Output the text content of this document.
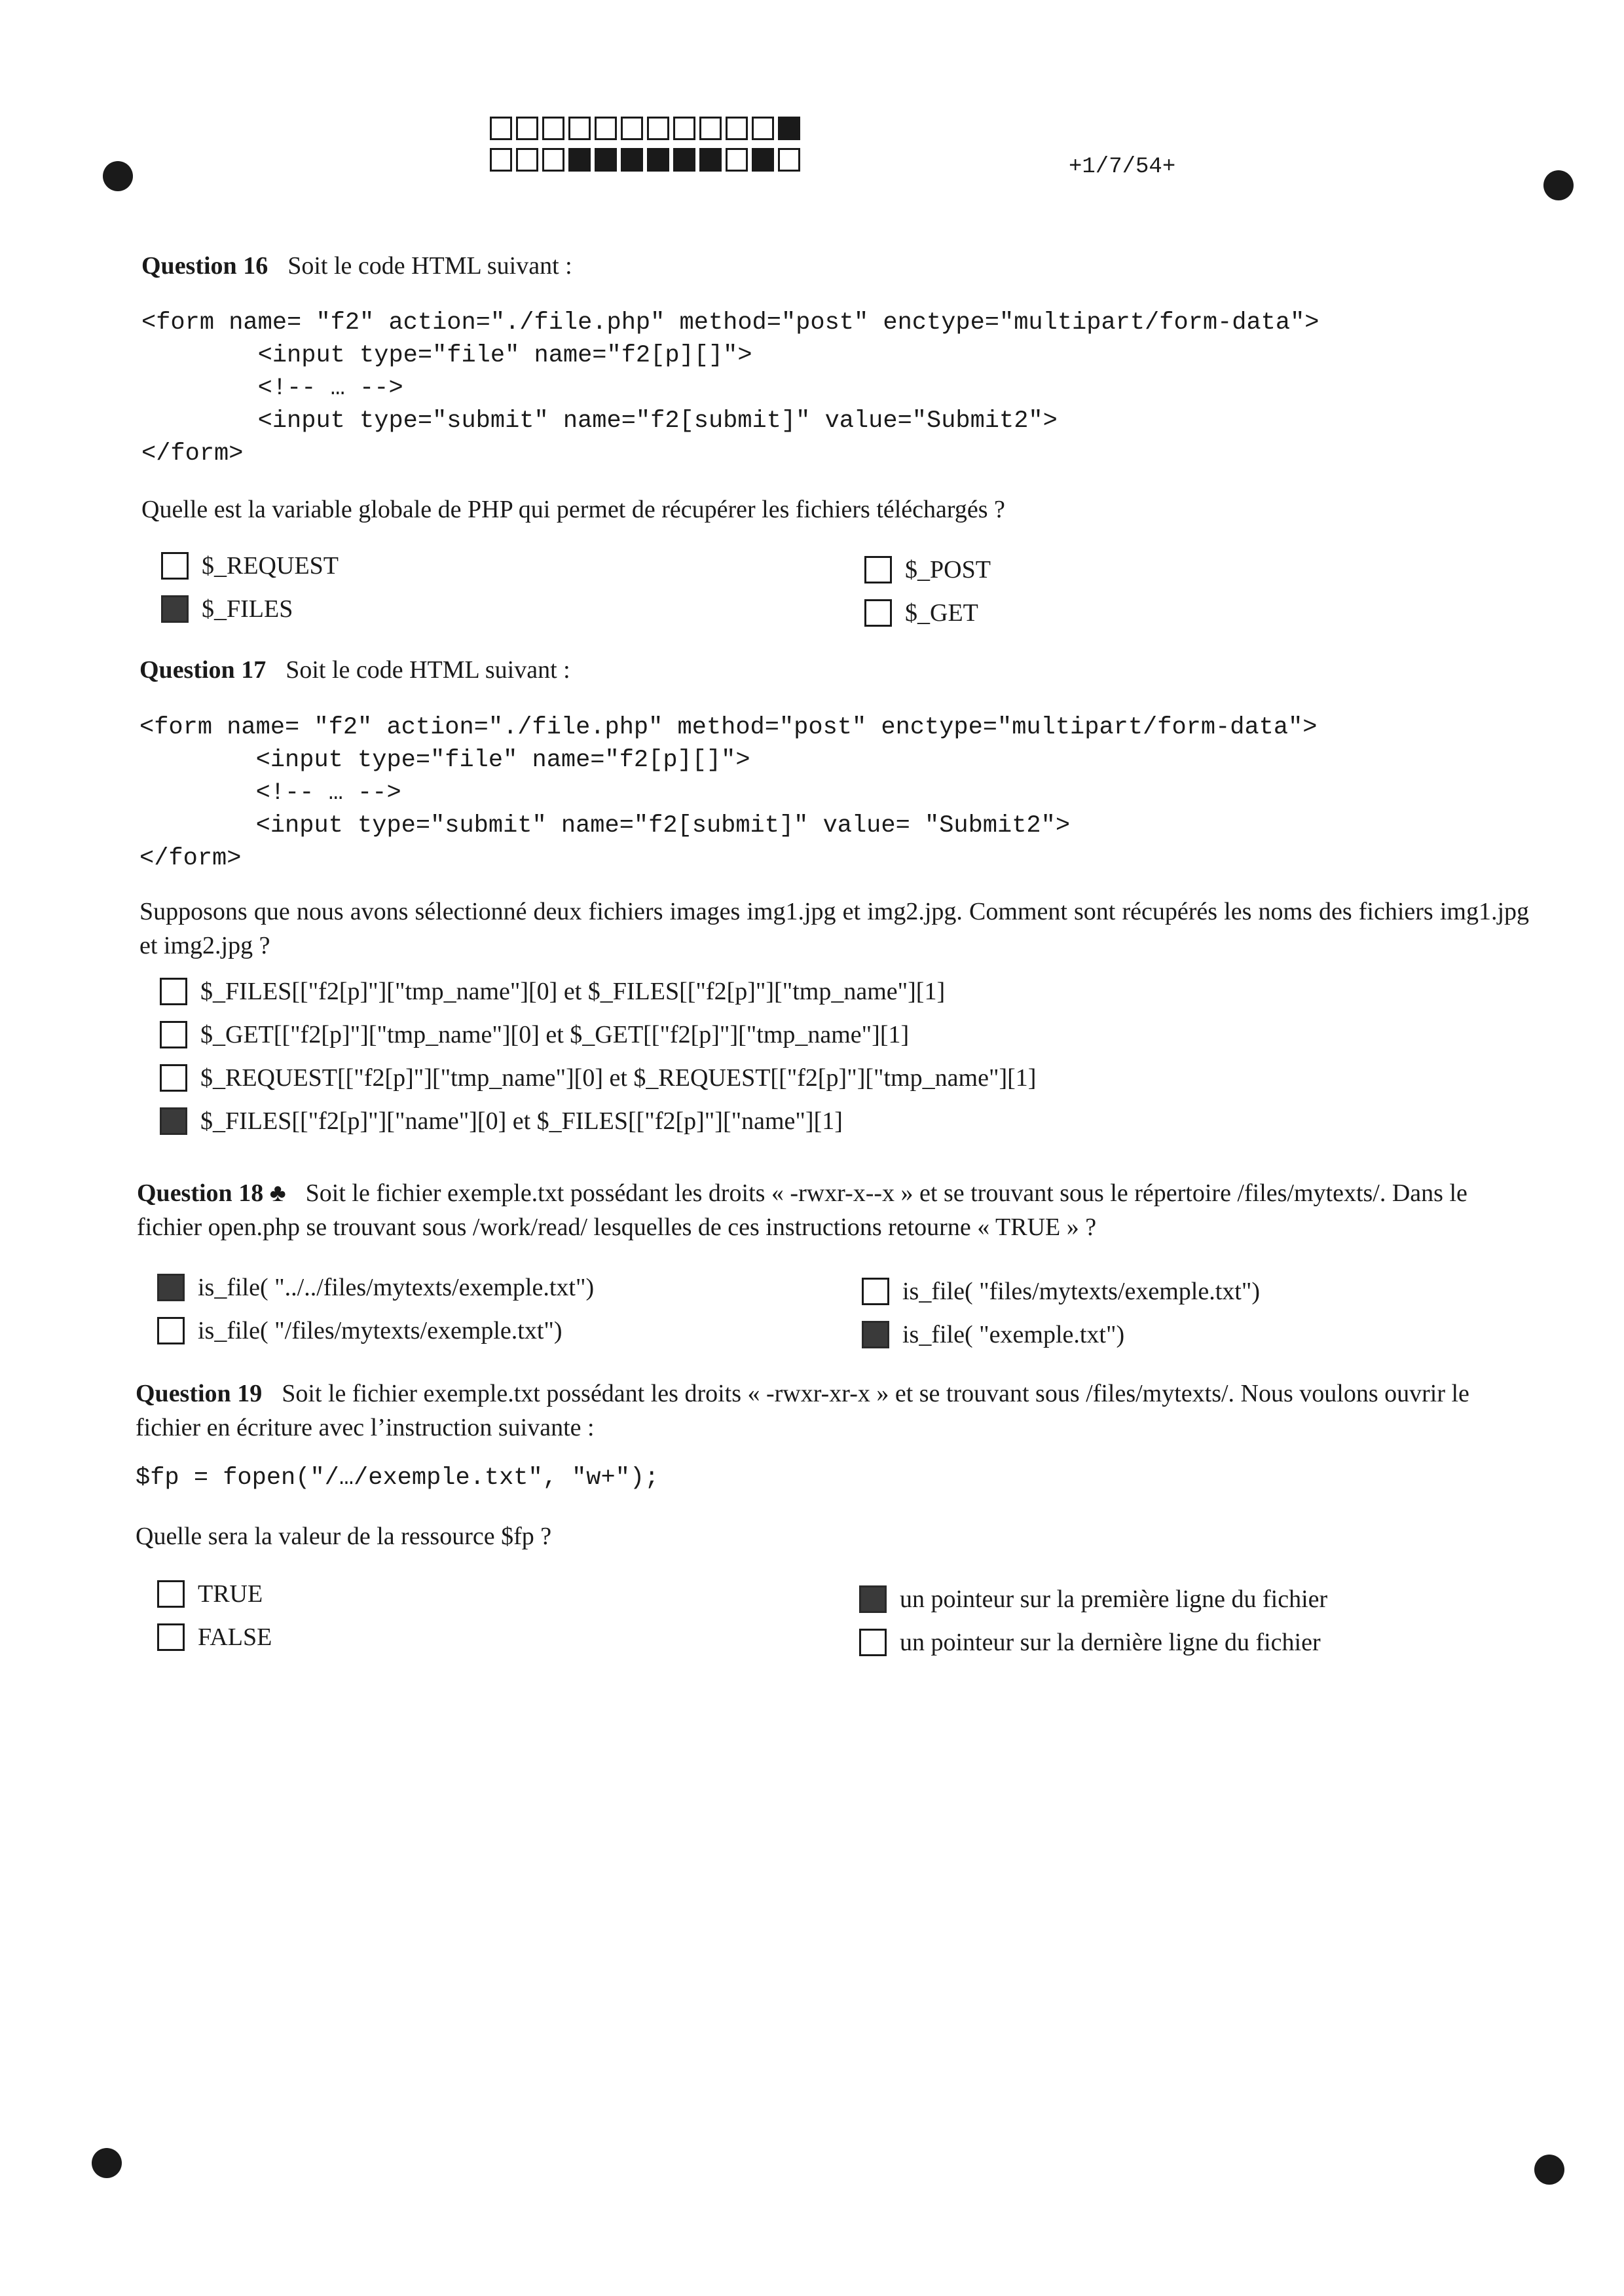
+1/7/54+
Question 16 Soit le code HTML suivant :
<form name= "f2" action="./file.php" method="post" enctype="multipart/form-data">
<input type="file" name="f2[p][]">
<!-- … -->
<input type="submit" name="f2[submit]" value="Submit2">
</form>
Quelle est la variable globale de PHP qui permet de récupérer les fichiers téléchargés ?
$_REQUEST
$_FILES
$_POST
$_GET
Question 17 Soit le code HTML suivant :
<form name= "f2" action="./file.php" method="post" enctype="multipart/form-data">
<input type="file" name="f2[p][]">
<!-- … -->
<input type="submit" name="f2[submit]" value= "Submit2">
</form>
Supposons que nous avons sélectionné deux fichiers images img1.jpg et img2.jpg. Comment sont récupérés les noms des fichiers img1.jpg et img2.jpg ?
$_FILES[["f2[p]"]["tmp_name"][0] et $_FILES[["f2[p]"]["tmp_name"][1]
$_GET[["f2[p]"]["tmp_name"][0] et $_GET[["f2[p]"]["tmp_name"][1]
$_REQUEST[["f2[p]"]["tmp_name"][0] et $_REQUEST[["f2[p]"]["tmp_name"][1]
$_FILES[["f2[p]"]["name"][0] et $_FILES[["f2[p]"]["name"][1]
Question 18 ♣ Soit le fichier exemple.txt possédant les droits « -rwxr-x--x » et se trouvant sous le répertoire /files/mytexts/. Dans le fichier open.php se trouvant sous /work/read/ lesquelles de ces instructions retourne « TRUE » ?
is_file( "../../files/mytexts/exemple.txt")
is_file( "/files/mytexts/exemple.txt")
is_file( "files/mytexts/exemple.txt")
is_file( "exemple.txt")
Question 19 Soit le fichier exemple.txt possédant les droits « -rwxr-xr-x » et se trouvant sous /files/mytexts/. Nous voulons ouvrir le fichier en écriture avec l’instruction suivante :
$fp = fopen("/…/exemple.txt", "w+");
Quelle sera la valeur de la ressource $fp ?
TRUE
FALSE
un pointeur sur la première ligne du fichier
un pointeur sur la dernière ligne du fichier
